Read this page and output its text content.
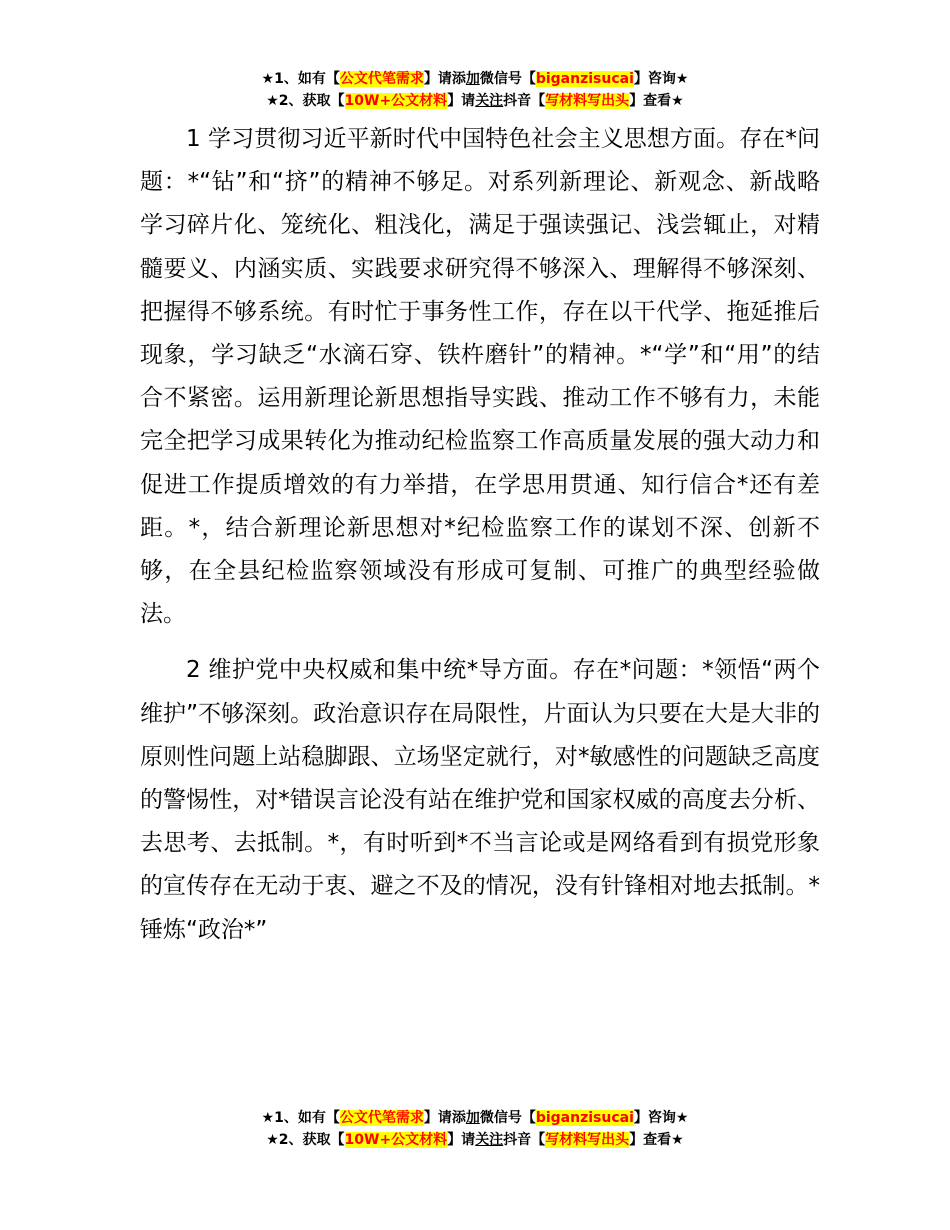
★1、如有【公文代笔需求】请添加微信号【biganzisucai】咨询★
★2、获取【10W+公文材料】请关注抖音【写材料写出头】查看★

1 学习贯彻习近平新时代中国特色社会主义思想方面。存在*问题：*“钻”和“挤”的精神不够足。对系列新理论、新观念、新战略学习碎片化、笼统化、粗浅化，满足于强读强记、浅尝辄止，对精髓要义、内涵实质、实践要求研究得不够深入、理解得不够深刻、把握得不够系统。有时忙于事务性工作，存在以干代学、拖延推后现象，学习缺乏“水滴石穿、铁杵磨针”的精神。*“学”和“用”的结合不紧密。运用新理论新思想指导实践、推动工作不够有力，未能完全把学习成果转化为推动纪检监察工作高质量发展的强大动力和促进工作提质增效的有力举措，在学思用贯通、知行信合*还有差距。*，结合新理论新思想对*纪检监察工作的谋划不深、创新不够，在全县纪检监察领域没有形成可复制、可推广的典型经验做法。

2 维护党中央权威和集中统*导方面。存在*问题：*领悟“两个维护”不够深刻。政治意识存在局限性，片面认为只要在大是大非的原则性问题上站稳脚跟、立场坚定就行，对*敏感性的问题缺乏高度的警惕性，对*错误言论没有站在维护党和国家权威的高度去分析、去思考、去抵制。*，有时听到*不当言论或是网络看到有损党形象的宣传存在无动于衷、避之不及的情况，没有针锋相对地去抵制。*锤炼“政治*”

★1、如有【公文代笔需求】请添加微信号【biganzisucai】咨询★
★2、获取【10W+公文材料】请关注抖音【写材料写出头】查看★
